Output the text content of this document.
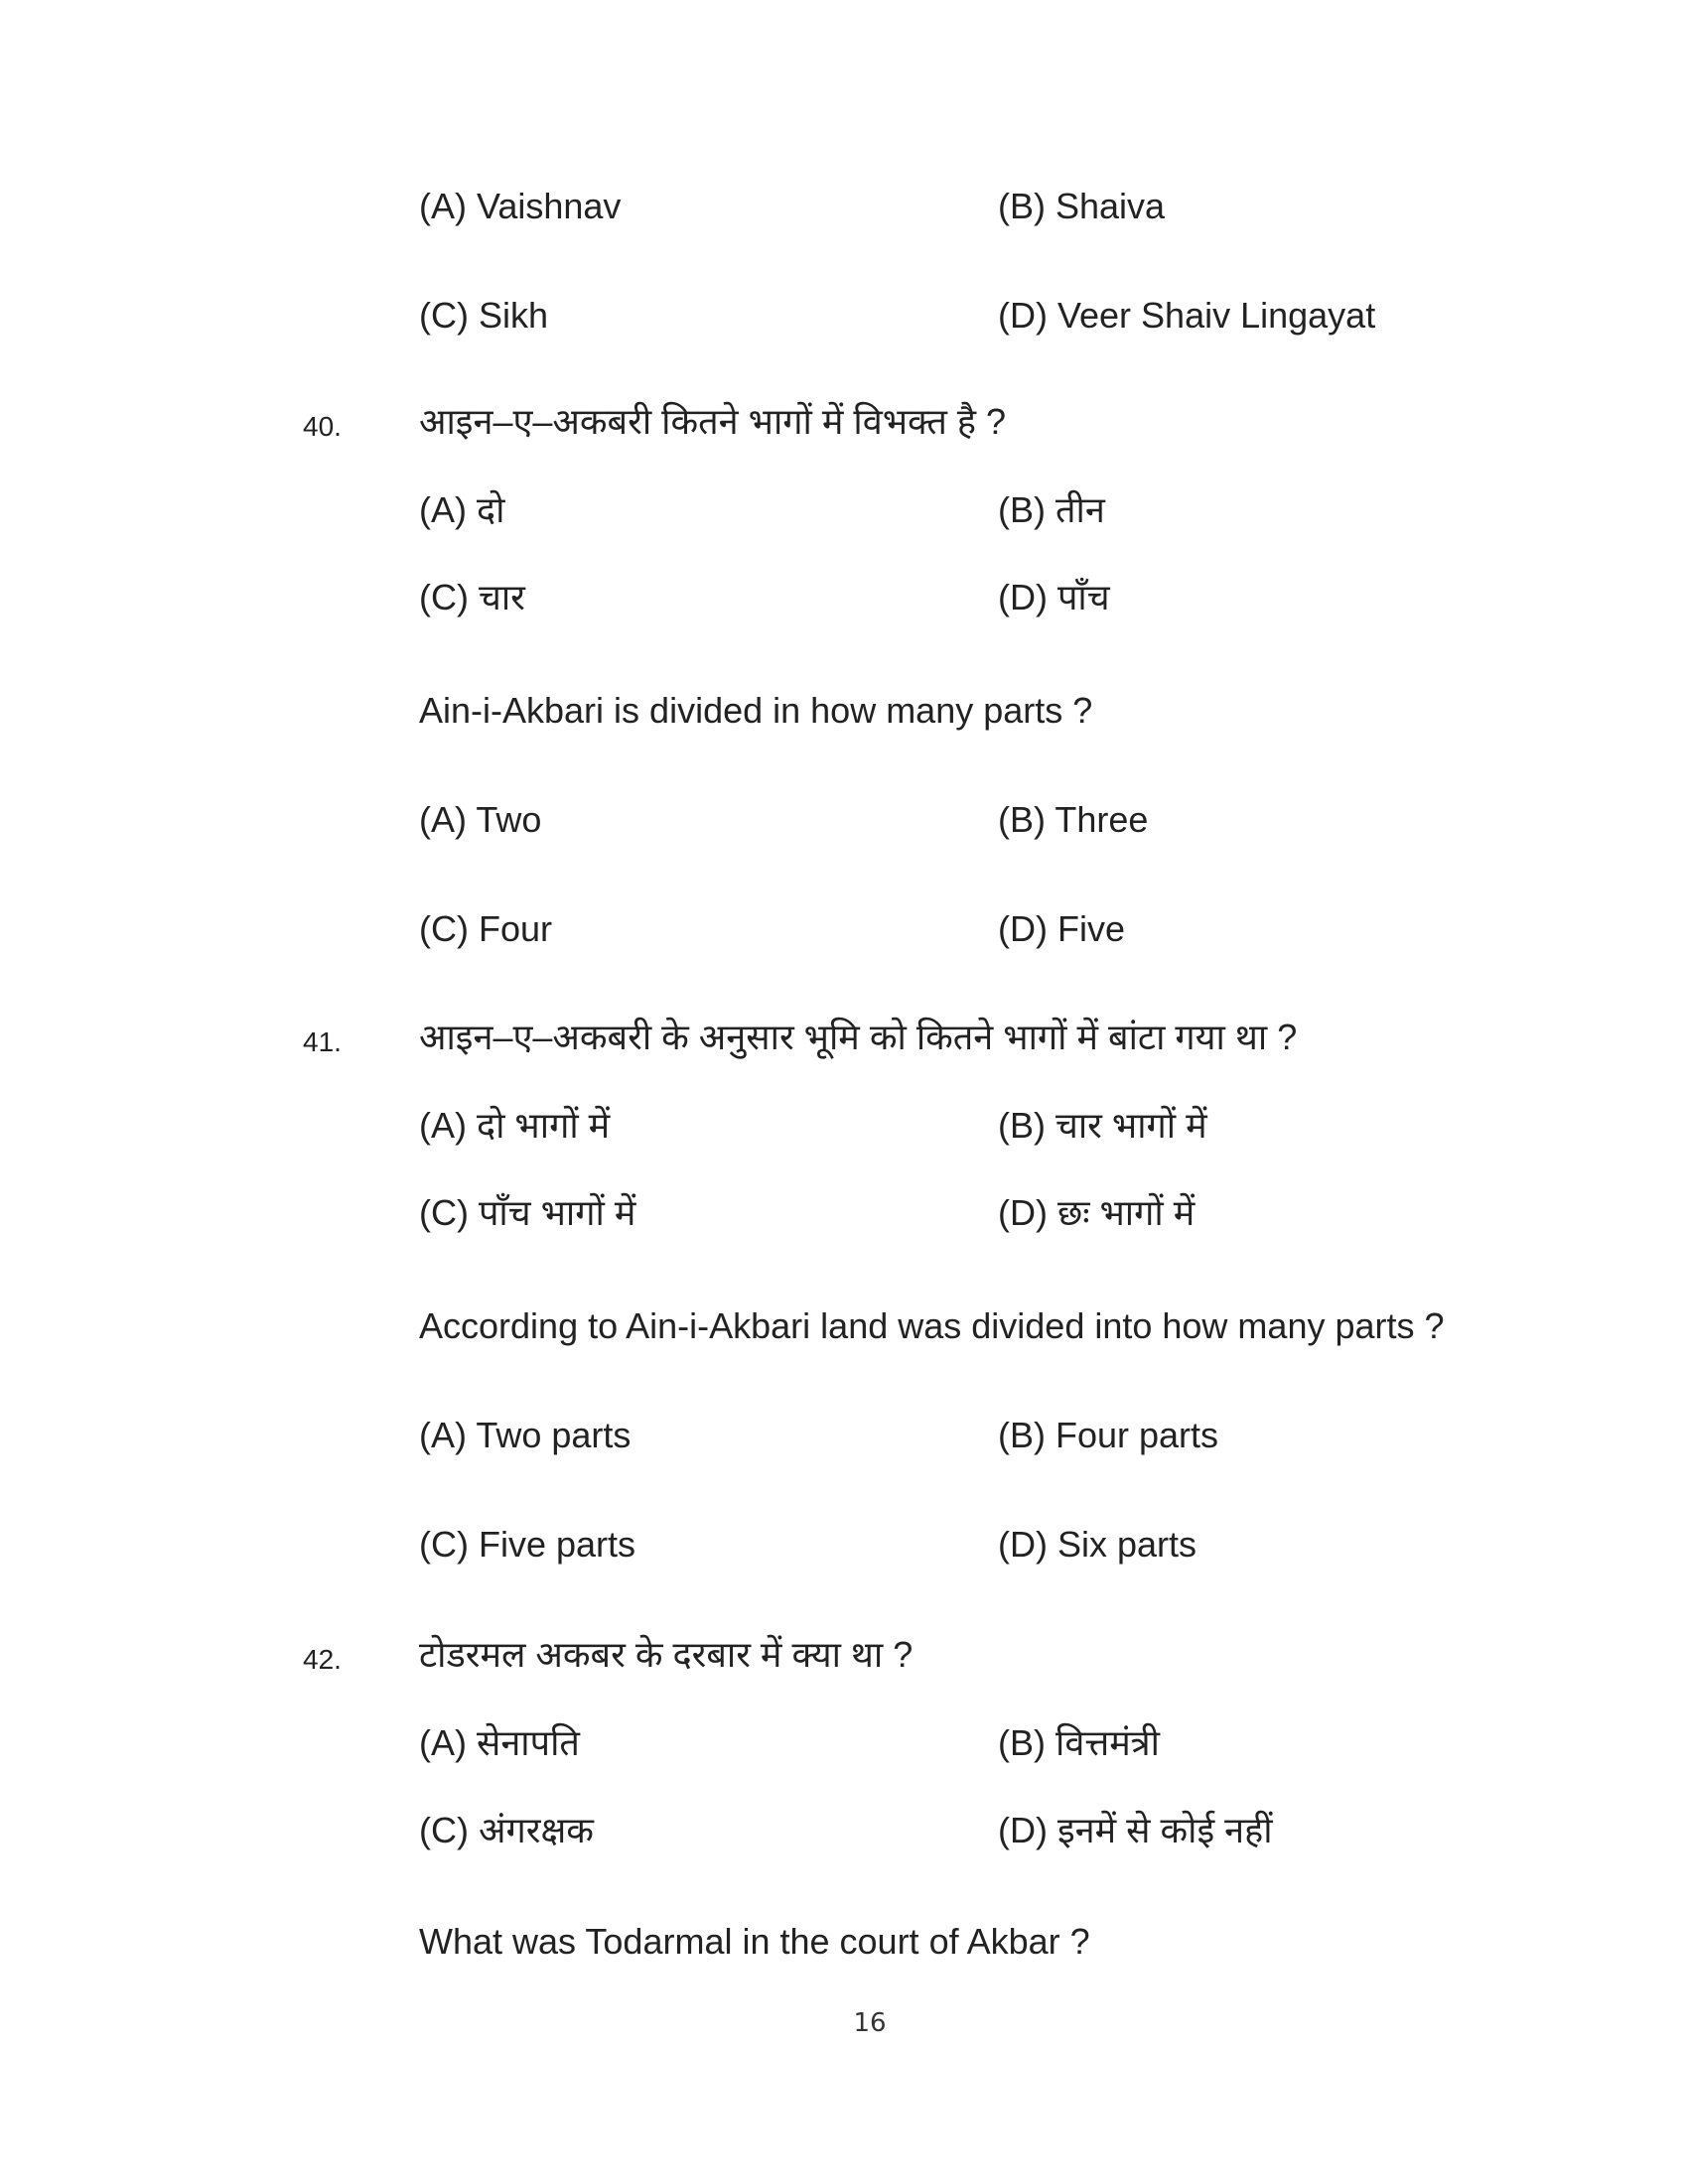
(A) Vaishnav	(B) Shaiva
(C) Sikh	(D) Veer Shaiv Lingayat
40. आइन–ए–अकबरी कितने भागों में विभक्त है ?
(A) दो	(B) तीन
(C) चार	(D) पाँच
Ain-i-Akbari is divided in how many parts ?
(A) Two	(B) Three
(C) Four	(D) Five
41. आइन–ए–अकबरी के अनुसार भूमि को कितने भागों में बांटा गया था ?
(A) दो भागों में	(B) चार भागों में
(C) पाँच भागों में	(D) छः भागों में
According to Ain-i-Akbari land was divided into how many parts ?
(A) Two parts	(B) Four parts
(C) Five parts	(D) Six parts
42. टोडरमल अकबर के दरबार में क्या था ?
(A) सेनापति	(B) वित्तमंत्री
(C) अंगरक्षक	(D) इनमें से कोई नहीं
What was Todarmal in the court of Akbar ?
16
